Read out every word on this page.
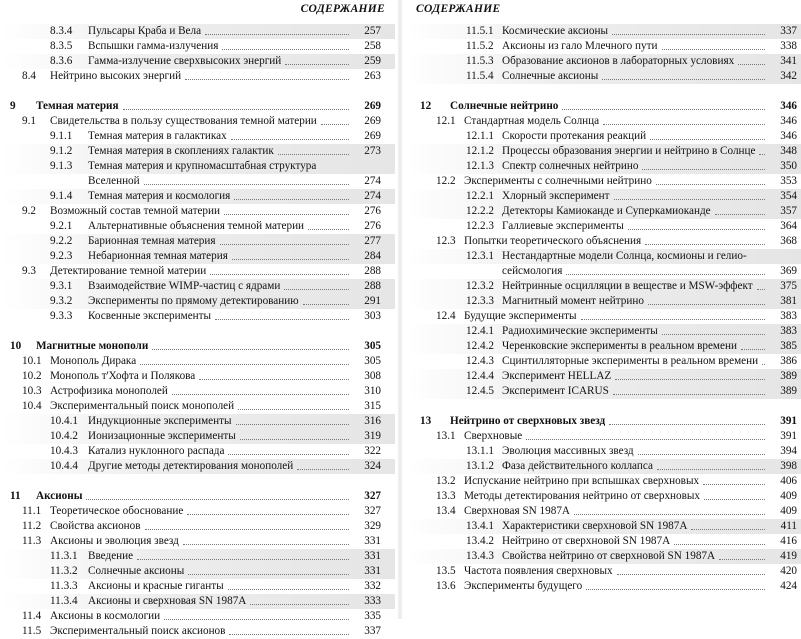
СОДЕРЖАНИЕ
8.3.4 Пульсары Краба и Вела	257
8.3.5 Вспышки гамма-излучения	258
8.3.6 Гамма-излучение сверхвысоких энергий	259
8.4 Нейтрино высоких энергий	263
9 Темная материя	269
9.1 Свидетельства в пользу существования темной материи	269
9.1.1 Темная материя в галактиках	269
9.1.2 Темная материя в скоплениях галактик	273
9.1.3 Темная материя и крупномасштабная структура
Вселенной	274
9.1.4 Темная материя и космология	274
9.2 Возможный состав темной материи	276
9.2.1 Альтернативные объяснения темной материи	276
9.2.2 Барионная темная материя	277
9.2.3 Небарионная темная материя	284
9.3 Детектирование темной материи	288
9.3.1 Взаимодействие WIMP-частиц с ядрами	288
9.3.2 Эксперименты по прямому детектированию	291
9.3.3 Косвенные эксперименты	303
10 Магнитные монополи	305
10.1 Монополь Дирака	305
10.2 Монополь т'Хофта и Полякова	308
10.3 Астрофизика монополей	310
10.4 Экспериментальный поиск монополей	315
10.4.1 Индукционные эксперименты	316
10.4.2 Ионизационные эксперименты	319
10.4.3 Катализ нуклонного распада	322
10.4.4 Другие методы детектирования монополей	324
11 Аксионы	327
11.1 Теоретическое обоснование	327
11.2 Свойства аксионов	329
11.3 Аксионы и эволюция звезд	331
11.3.1 Введение	331
11.3.2 Солнечные аксионы	331
11.3.3 Аксионы и красные гиганты	332
11.3.4 Аксионы и сверхновая SN 1987A	333
11.4 Аксионы в космологии	335
11.5 Экспериментальный поиск аксионов	337
СОДЕРЖАНИЕ
11.5.1 Космические аксионы	337
11.5.2 Аксионы из гало Млечного пути	338
11.5.3 Образование аксионов в лабораторных условиях	341
11.5.4 Солнечные аксионы	342
12 Солнечные нейтрино	346
12.1 Стандартная модель Солнца	346
12.1.1 Скорости протекания реакций	346
12.1.2 Процессы образования энергии и нейтрино в Солнце	348
12.1.3 Спектр солнечных нейтрино	350
12.2 Эксперименты с солнечными нейтрино	353
12.2.1 Хлорный эксперимент	354
12.2.2 Детекторы Камиоканде и Суперкамиоканде	357
12.2.3 Галлиевые эксперименты	364
12.3 Попытки теоретического объяснения	368
12.3.1 Нестандартные модели Солнца, космионы и гелио-
сейсмология	369
12.3.2 Нейтринные осцилляции в веществе и MSW-эффект	375
12.3.3 Магнитный момент нейтрино	381
12.4 Будущие эксперименты	383
12.4.1 Радиохимические эксперименты	383
12.4.2 Черенковские эксперименты в реальном времени	385
12.4.3 Сцинтилляторные эксперименты в реальном времени	386
12.4.4 Эксперимент HELLAZ	389
12.4.5 Эксперимент ICARUS	389
13 Нейтрино от сверхновых звезд	391
13.1 Сверхновые	391
13.1.1 Эволюция массивных звезд	394
13.1.2 Фаза действительного коллапса	398
13.2 Испускание нейтрино при вспышках сверхновых	406
13.3 Методы детектирования нейтрино от сверхновых	409
13.4 Сверхновая SN 1987A	409
13.4.1 Характеристики сверхновой SN 1987A	411
13.4.2 Нейтрино от сверхновой SN 1987A	416
13.4.3 Свойства нейтрино от сверхновой SN 1987A	419
13.5 Частота появления сверхновых	420
13.6 Эксперименты будущего	424
